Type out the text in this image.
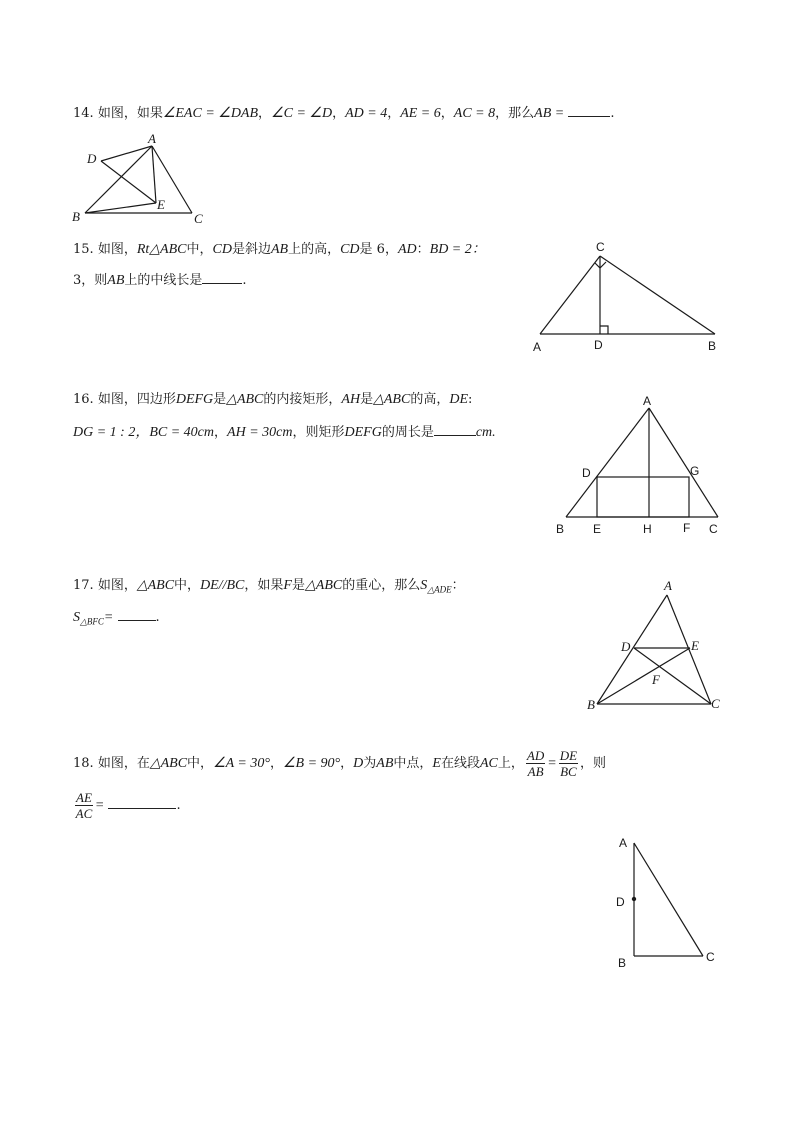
14. 如图，如果∠EAC = ∠DAB，∠C = ∠D，AD = 4，AE = 6，AC = 8，那么AB =	.
A
D
B
E
C
15. 如图，Rt△ABC中，CD是斜边AB上的高，CD是 6，AD：BD = 2：
3，则AB上的中线长是	.
C
A	D	B
16. 如图，四边形DEFG是△ABC的内接矩形，AH是△ABC的高，DE:
DG = 1 : 2，BC = 40cm，AH = 30cm，则矩形DEFG的周长是	cm.
A
D	G
B E	H	F C
17. 如图，△ABC中，DE//BC，如果F是△ABC的重心，那么$S_{\triangle ADE}$：
$S_{\triangle BFC}=$	.
A
D	E
F
B	C
18. 如图，在△ABC中，∠A = 30°，∠B = 90°，D为AB中点，E在线段AC上， $\frac{AD}{AB} = \frac{DE}{BC}$ ，则
$\frac{AE}{AC}$ =	.
A
D
B	C
